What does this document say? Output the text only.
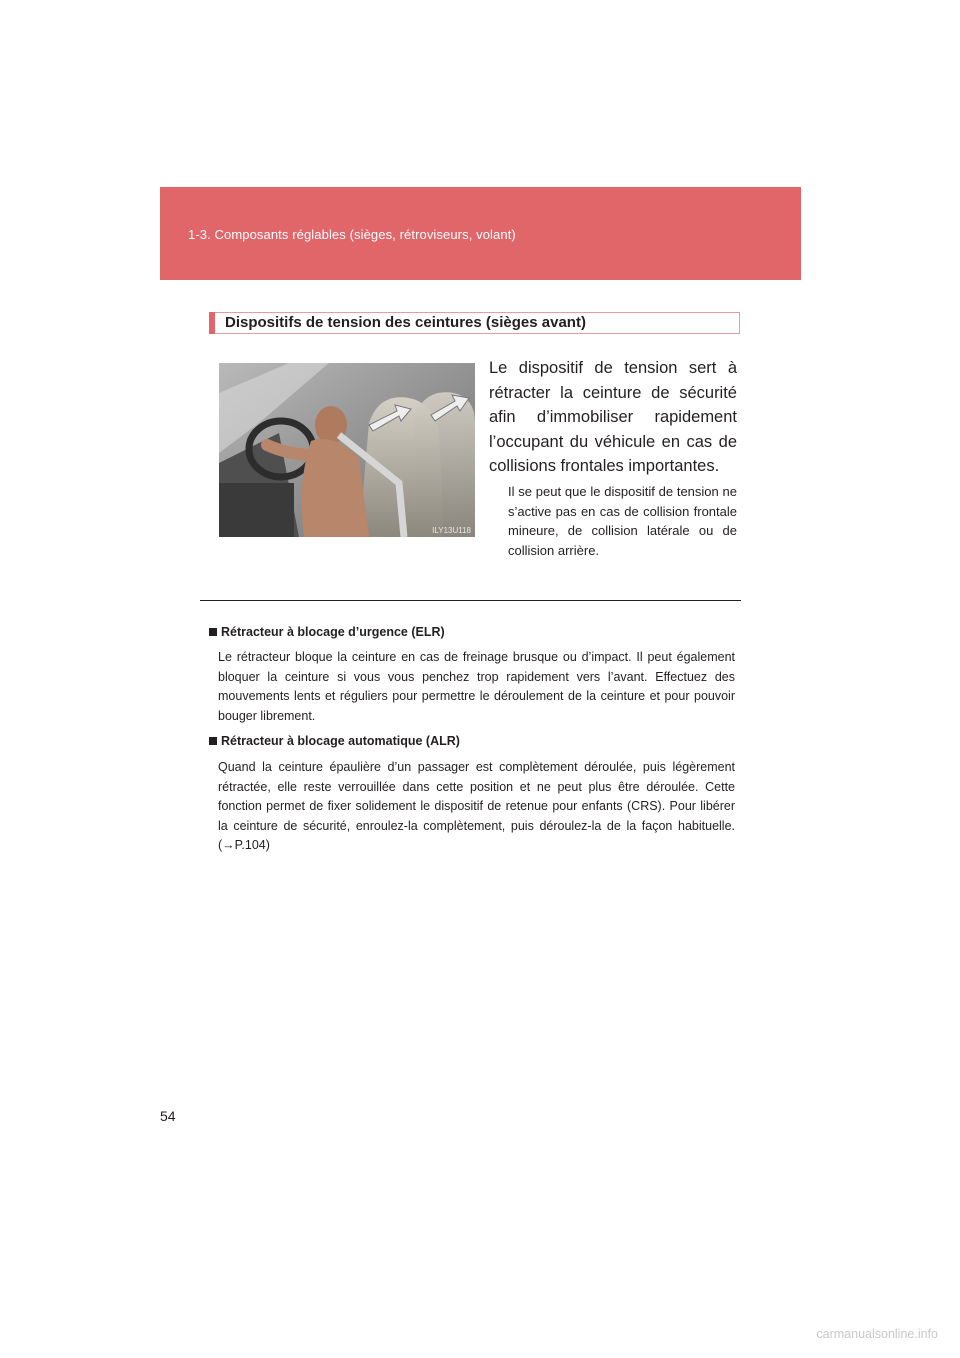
1-3. Composants réglables (sièges, rétroviseurs, volant)
Dispositifs de tension des ceintures (sièges avant)
ILY13U118
Le dispositif de tension sert à rétracter la ceinture de sécurité afin d’immobiliser rapidement l’occupant du véhicule en cas de collisions frontales importantes.
Il se peut que le dispositif de tension ne s’active pas en cas de collision frontale mineure, de collision latérale ou de collision arrière.
Rétracteur à blocage d’urgence (ELR)
Le rétracteur bloque la ceinture en cas de freinage brusque ou d’impact. Il peut également bloquer la ceinture si vous vous penchez trop rapidement vers l’avant. Effectuez des mouvements lents et réguliers pour permettre le déroulement de la ceinture et pour pouvoir bouger librement.
Rétracteur à blocage automatique (ALR)
Quand la ceinture épaulière d’un passager est complètement déroulée, puis légèrement rétractée, elle reste verrouillée dans cette position et ne peut plus être déroulée. Cette fonction permet de fixer solidement le dispositif de retenue pour enfants (CRS). Pour libérer la ceinture de sécurité, enroulez-la complètement, puis déroulez-la de la façon habituelle. (→P.104)
54
carmanualsonline.info
